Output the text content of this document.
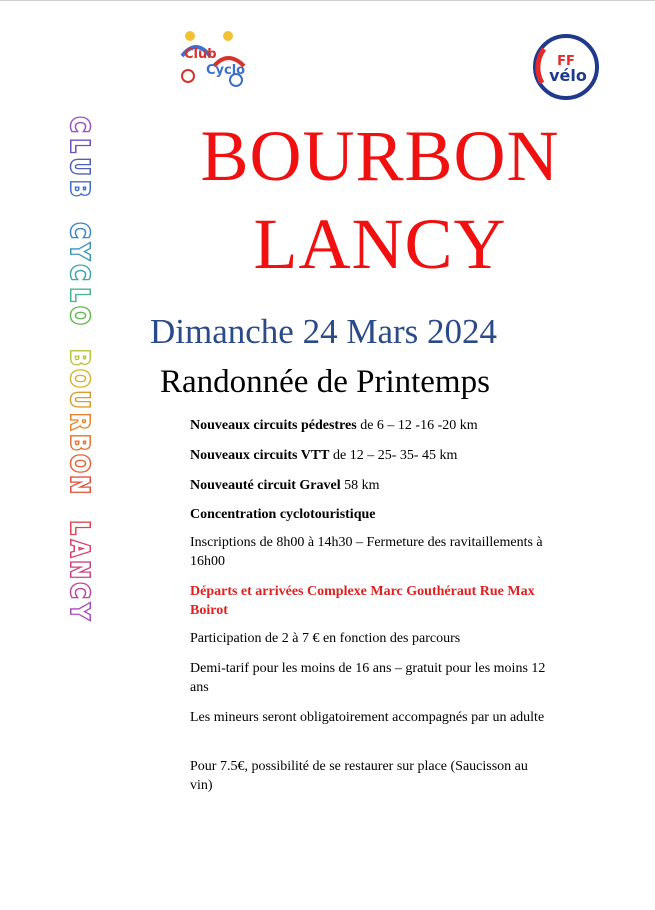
Club
Cyclo
FF
vélo
C
L
U
B
C
Y
C
L
O
B
O
U
R
B
O
N
L
A
N
C
Y
BOURBON
LANCY
Dimanche 24 Mars 2024
Randonnée de Printemps

Nouveaux circuits pédestres de 6 – 12 -16 -20 km

Nouveaux circuits VTT de 12 – 25- 35- 45 km

Nouveauté circuit Gravel 58 km

Concentration cyclotouristique

Inscriptions de 8h00 à 14h30 – Fermeture des ravitaillements à 16h00

Départs et arrivées Complexe Marc Gouthéraut Rue Max Boirot

Participation de 2 à 7 € en fonction des parcours

Demi-tarif pour les moins de 16 ans – gratuit pour les moins 12 ans

Les mineurs seront obligatoirement accompagnés par un adulte

Pour 7.5€, possibilité de se restaurer sur place (Saucisson au vin)
